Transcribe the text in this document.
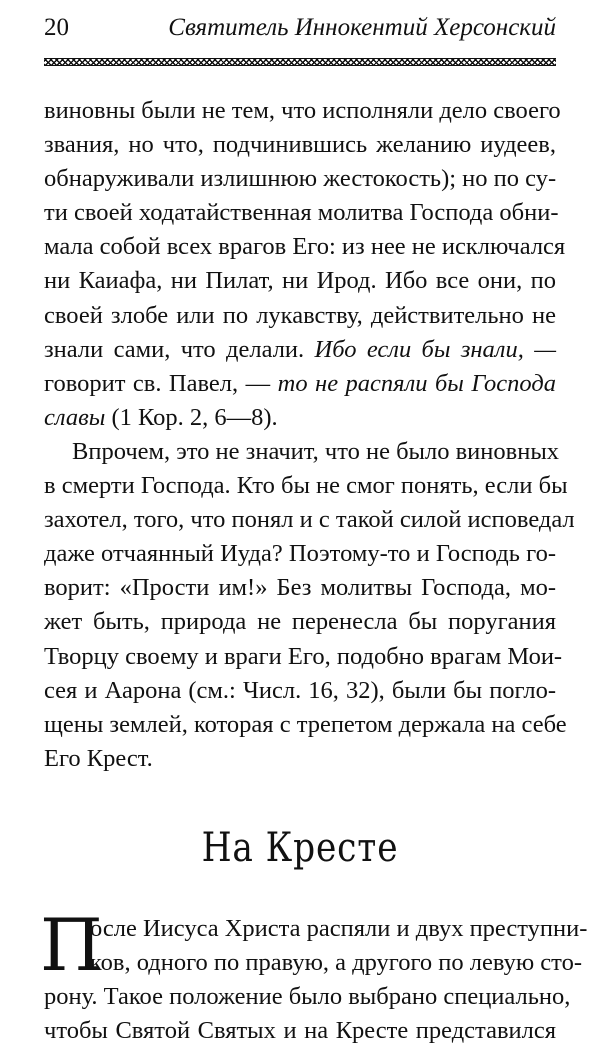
20	Святитель Иннокентий Херсонский
виновны были не тем, что исполняли дело своего
звания, но что, подчинившись желанию иудеев,
обнаруживали излишнюю жестокость); но по су-
ти своей ходатайственная молитва Господа обни-
мала собой всех врагов Его: из нее не исключался
ни Каиафа, ни Пилат, ни Ирод. Ибо все они, по
своей злобе или по лукавству, действительно не
знали сами, что делали. Ибо если бы знали, —
говорит св. Павел, — то не распяли бы Господа
славы (1 Кор. 2, 6—8).
Впрочем, это не значит, что не было виновных
в смерти Господа. Кто бы не смог понять, если бы
захотел, того, что понял и с такой силой исповедал
даже отчаянный Иуда? Поэтому-то и Господь го-
ворит: «Прости им!» Без молитвы Господа, мо-
жет быть, природа не перенесла бы поругания
Творцу своему и враги Его, подобно врагам Мои-
сея и Аарона (см.: Числ. 16, 32), были бы погло-
щены землей, которая с трепетом держала на себе
Его Крест.
На Кресте
П
осле Иисуса Христа распяли и двух преступни-
ков, одного по правую, а другого по левую сто-
рону. Такое положение было выбрано специально,
чтобы Святой Святых и на Кресте представился
